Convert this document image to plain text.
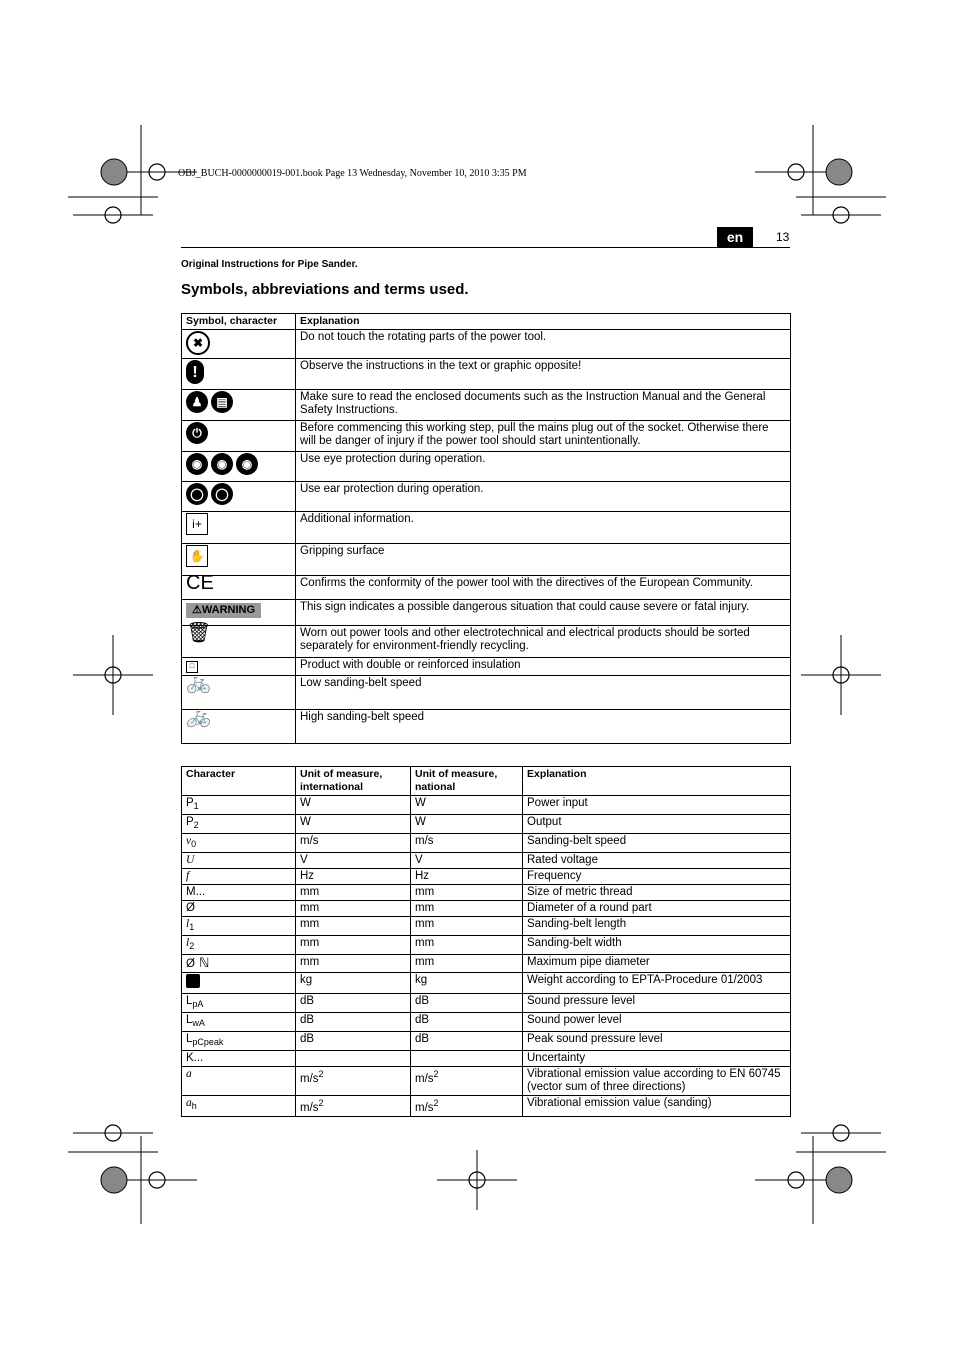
OBJ_BUCH-0000000019-001.book Page 13 Wednesday, November 10, 2010 3:35 PM
en	13
Original Instructions for Pipe Sander.
Symbols, abbreviations and terms used.
Symbol, character	Explanation

✖	Do not touch the rotating parts of the power tool.

!	Observe the instructions in the text or graphic opposite!

♟ ▤	Make sure to read the enclosed documents such as the Instruction Manual and the General Safety Instructions.

⏻	Before commencing this working step, pull the mains plug out of the socket. Otherwise there will be danger of injury if the power tool should start unintentionally.

◉ ◉ ◉	Use eye protection during operation.

◯ ◯	Use ear protection during operation.

i+	Additional information.

✋	Gripping surface
CE	Confirms the conformity of the power tool with the directives of the European Community.
⚠ WARNING	This sign indicates a possible dangerous situation that could cause severe or fatal injury.

🗑	Worn out power tools and other electrotechnical and electrical products should be sorted separately for environment-friendly recycling.

□	Product with double or reinforced insulation

🚲	Low sanding-belt speed

🚲	High sanding-belt speed
Character	Unit of measure, international	Unit of measure, national	Explanation
$P_1$	W	W	Power input
$P_2$	W	W	Output
$v_0$	m/s	m/s	Sanding-belt speed
U	V	V	Rated voltage
f	Hz	Hz	Frequency
M...	mm	mm	Size of metric thread
Ø	mm	mm	Diameter of a round part
$l_1$	mm	mm	Sanding-belt length
$l_2$	mm	mm	Sanding-belt width
Ø ℕ	mm	mm	Maximum pipe diameter
	kg	kg	Weight according to EPTA-Procedure 01/2003
$L_{pA}$	dB	dB	Sound pressure level
$L_{wA}$	dB	dB	Sound power level
$L_{pCpeak}$	dB	dB	Peak sound pressure level
K...			Uncertainty
a	$m/s^2$	$m/s^2$	Vibrational emission value according to EN 60745 (vector sum of three directions)
$a_h$	$m/s^2$	$m/s^2$	Vibrational emission value (sanding)
